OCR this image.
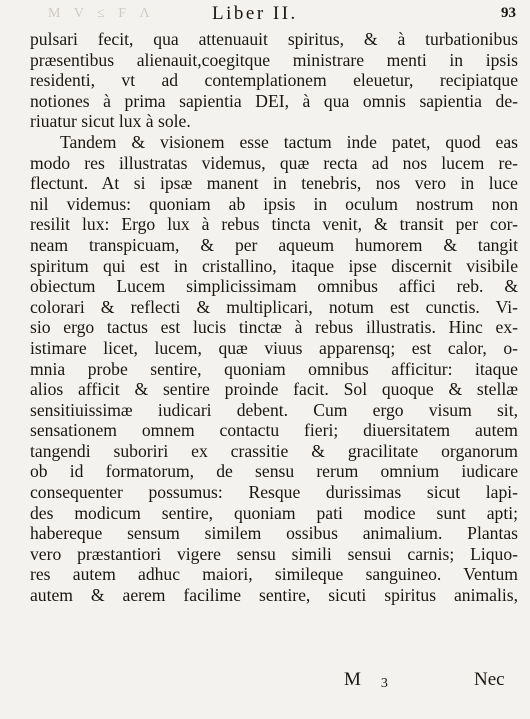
M V ≤ F Λ	Liber II.	93
pulsari fecit, qua attenuauit spiritus, & à turbationibus
præsentibus alienauit,coegitque ministrare menti in ipsis
residenti, vt ad contemplationem eleuetur, recipiatque
notiones à prima sapientia DEI, à qua omnis sapientia de-
riuatur sicut lux à sole.
Tandem & visionem esse tactum inde patet, quod eas
modo res illustratas videmus, quæ recta ad nos lucem re-
flectunt. At si ipsæ manent in tenebris, nos vero in luce
nil videmus: quoniam ab ipsis in oculum nostrum non
resilit lux: Ergo lux à rebus tincta venit, & transit per cor-
neam transpicuam, & per aqueum humorem & tangit
spiritum qui est in cristallino, itaque ipse discernit visibile
obiectum Lucem simplicissimam omnibus affici reb. &
colorari & reflecti & multiplicari, notum est cunctis. Vi-
sio ergo tactus est lucis tinctæ à rebus illustratis. Hinc ex-
istimare licet, lucem, quæ viuus apparensq; est calor, o-
mnia probe sentire, quoniam omnibus afficitur: itaque
alios afficit & sentire proinde facit. Sol quoque & stellæ
sensitiuissimæ iudicari debent. Cum ergo visum sit,
sensationem omnem contactu fieri; diuersitatem autem
tangendi suboriri ex crassitie & gracilitate organorum
ob id formatorum, de sensu rerum omnium iudicare
consequenter possumus: Resque durissimas sicut lapi-
des modicum sentire, quoniam pati modice sunt apti;
habereque sensum similem ossibus animalium. Plantas
vero præstantiori vigere sensu simili sensui carnis; Liquo-
res autem adhuc maiori, simileque sanguineo. Ventum
autem & aerem facilime sentire, sicuti spiritus animalis,
M 3	Nec
